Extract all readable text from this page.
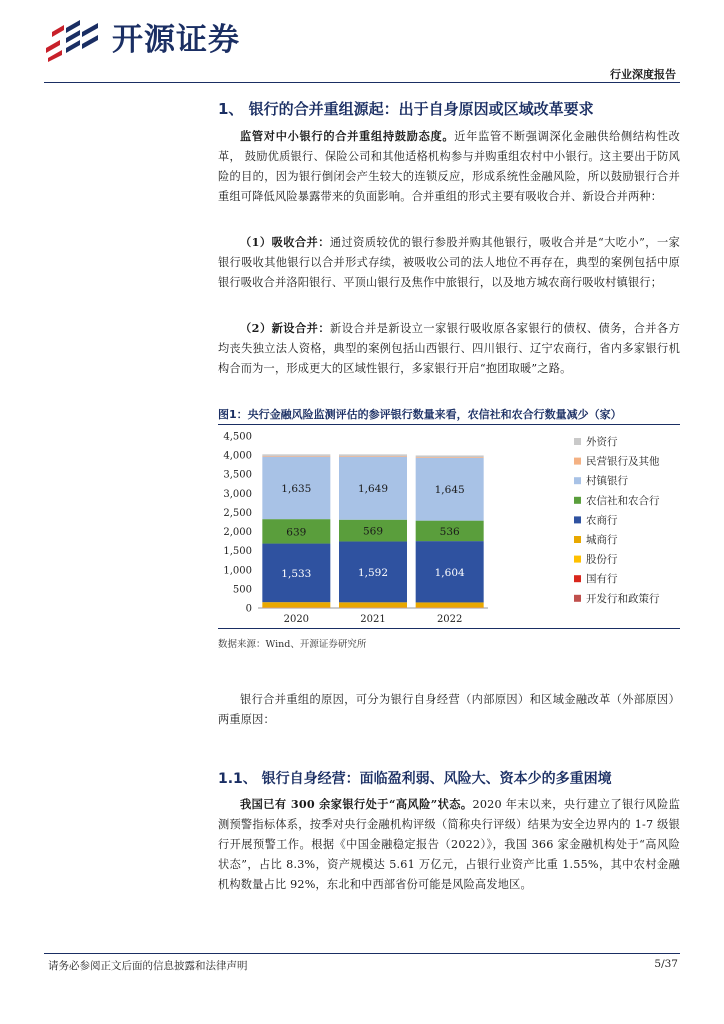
开源证券
行业深度报告
1、 银行的合并重组源起：出于自身原因或区域改革要求
监管对中小银行的合并重组持鼓励态度。近年监管不断强调深化金融供给侧结构性改革， 鼓励优质银行、保险公司和其他适格机构参与并购重组农村中小银行。这主要出于防风险的目的，因为银行倒闭会产生较大的连锁反应，形成系统性金融风险，所以鼓励银行合并重组可降低风险暴露带来的负面影响。合并重组的形式主要有吸收合并、新设合并两种：
（1）吸收合并：通过资质较优的银行参股并购其他银行，吸收合并是“大吃小”，一家银行吸收其他银行以合并形式存续，被吸收公司的法人地位不再存在，典型的案例包括中原银行吸收合并洛阳银行、平顶山银行及焦作中旅银行，以及地方城农商行吸收村镇银行；
（2）新设合并：新设合并是新设立一家银行吸收原各家银行的债权、债务，合并各方均丧失独立法人资格，典型的案例包括山西银行、四川银行、辽宁农商行，省内多家银行机构合而为一，形成更大的区域性银行，多家银行开启“抱团取暖”之路。
图1：央行金融风险监测评估的参评银行数量来看，农信社和农合行数量减少（家）
0
500
1,000
1,500
2,000
2,500
3,000
3,500
4,000
4,500
1,533
639
1,635
2020
1,592
569
1,649
2021
1,604
536
1,645
2022
外资行
民营银行及其他
村镇银行
农信社和农合行
农商行
城商行
股份行
国有行
开发行和政策行
数据来源：Wind、开源证券研究所
银行合并重组的原因，可分为银行自身经营（内部原因）和区域金融改革（外部原因）两重原因：
1.1、 银行自身经营：面临盈利弱、风险大、资本少的多重困境
我国已有 300 余家银行处于“高风险”状态。2020 年末以来，央行建立了银行风险监测预警指标体系，按季对央行金融机构评级（简称央行评级）结果为安全边界内的 1-7 级银行开展预警工作。根据《中国金融稳定报告（2022）》，我国 366 家金融机构处于“高风险状态”，占比 8.3%，资产规模达 5.61 万亿元，占银行业资产比重 1.55%，其中农村金融机构数量占比 92%，东北和中西部省份可能是风险高发地区。
请务必参阅正文后面的信息披露和法律声明	5/37
